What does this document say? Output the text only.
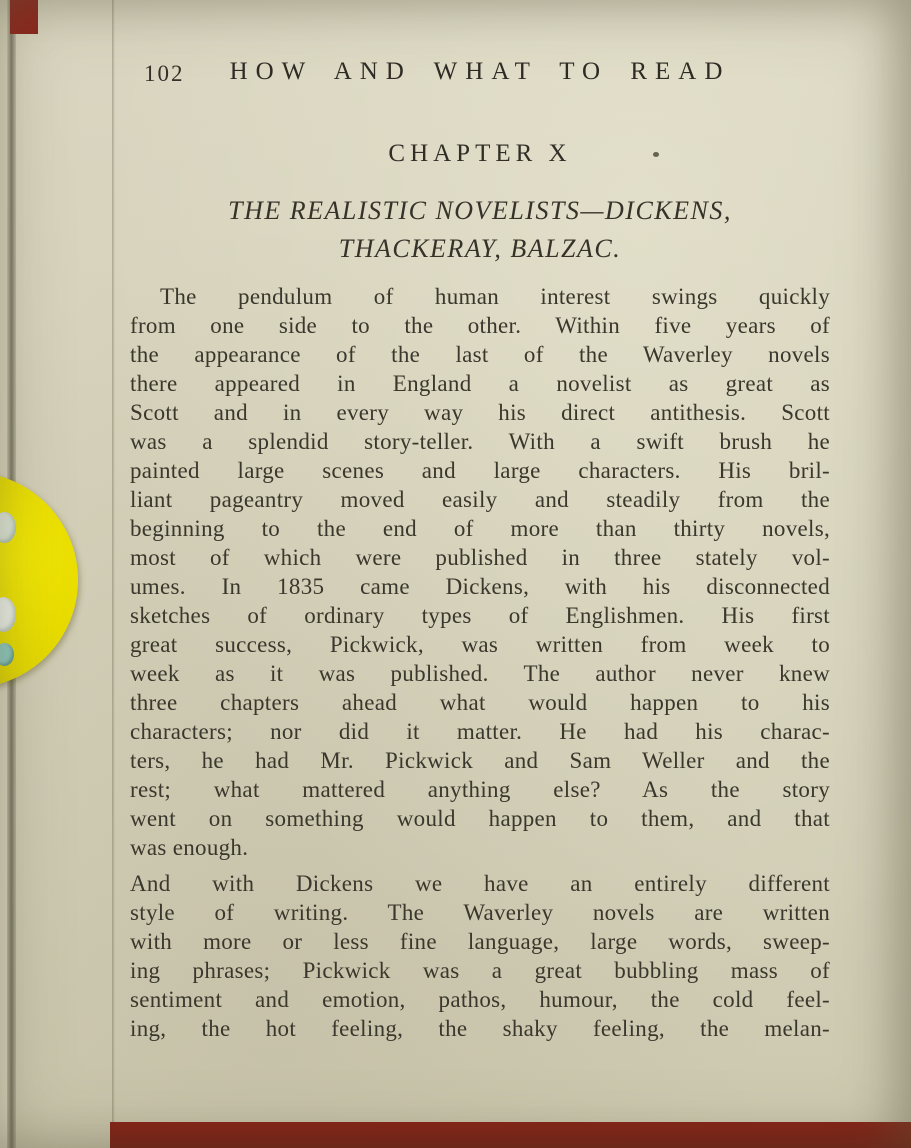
102	HOW AND WHAT TO READ
CHAPTER X
THE REALISTIC NOVELISTS—DICKENS,
THACKERAY, BALZAC.
The pendulum of human interest swings quickly
from one side to the other. Within five years of
the appearance of the last of the Waverley novels
there appeared in England a novelist as great as
Scott and in every way his direct antithesis. Scott
was a splendid story-teller. With a swift brush he
painted large scenes and large characters. His bril-
liant pageantry moved easily and steadily from the
beginning to the end of more than thirty novels,
most of which were published in three stately vol-
umes. In 1835 came Dickens, with his disconnected
sketches of ordinary types of Englishmen. His first
great success, Pickwick, was written from week to
week as it was published. The author never knew
three chapters ahead what would happen to his
characters; nor did it matter. He had his charac-
ters, he had Mr. Pickwick and Sam Weller and the
rest; what mattered anything else? As the story
went on something would happen to them, and that
was enough.
And with Dickens we have an entirely different
style of writing. The Waverley novels are written
with more or less fine language, large words, sweep-
ing phrases; Pickwick was a great bubbling mass of
sentiment and emotion, pathos, humour, the cold feel-
ing, the hot feeling, the shaky feeling, the melan-
